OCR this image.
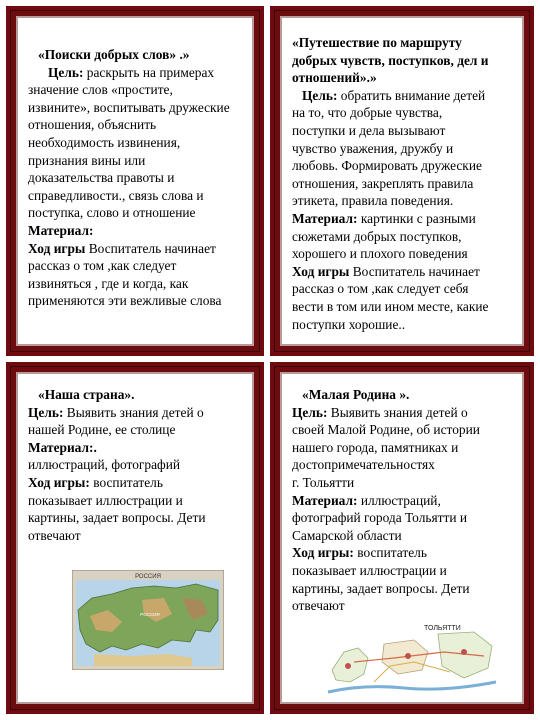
«Поиски добрых слов» .»
Цель: раскрыть на примерах
значение слов «простите,
извините», воспитывать дружеские
отношения, объяснить
необходимость извинения,
признания вины или
доказательства правоты и
справедливости., связь слова и
поступка, слово и отношение
Материал:
Ход игры Воспитатель начинает
рассказ о том ,как следует
извиняться , где и когда, как
применяются эти вежливые слова
«Путешествие по маршруту
добрых чувств, поступков, дел и
отношений».»
Цель: обратить внимание детей
на то, что добрые чувства,
поступки и дела вызывают
чувство уважения, дружбу и
любовь. Формировать дружеские
отношения, закреплять правила
этикета, правила поведения.
Материал: картинки с разными
сюжетами добрых поступков,
хорошего и плохого поведения
Ход игры Воспитатель начинает
рассказ о том ,как следует себя
вести в том или ином месте, какие
поступки хорошие..
«Наша страна».
Цель: Выявить знания детей о
нашей Родине, ее столице
Материал:.
иллюстраций, фотографий
Ход игры: воспитатель
показывает иллюстрации и
картины, задает вопросы. Дети
отвечают
РОССИЯ
РОССИЯ
«Малая Родина ».
Цель: Выявить знания детей о
своей Малой Родине, об истории
нашего города, памятниках и
достопримечательностях
г. Тольятти
Материал: иллюстраций,
фотографий города Тольятти и
Самарской области
Ход игры: воспитатель
показывает иллюстрации и
картины, задает вопросы. Дети
отвечают
ТОЛЬЯТТИ
